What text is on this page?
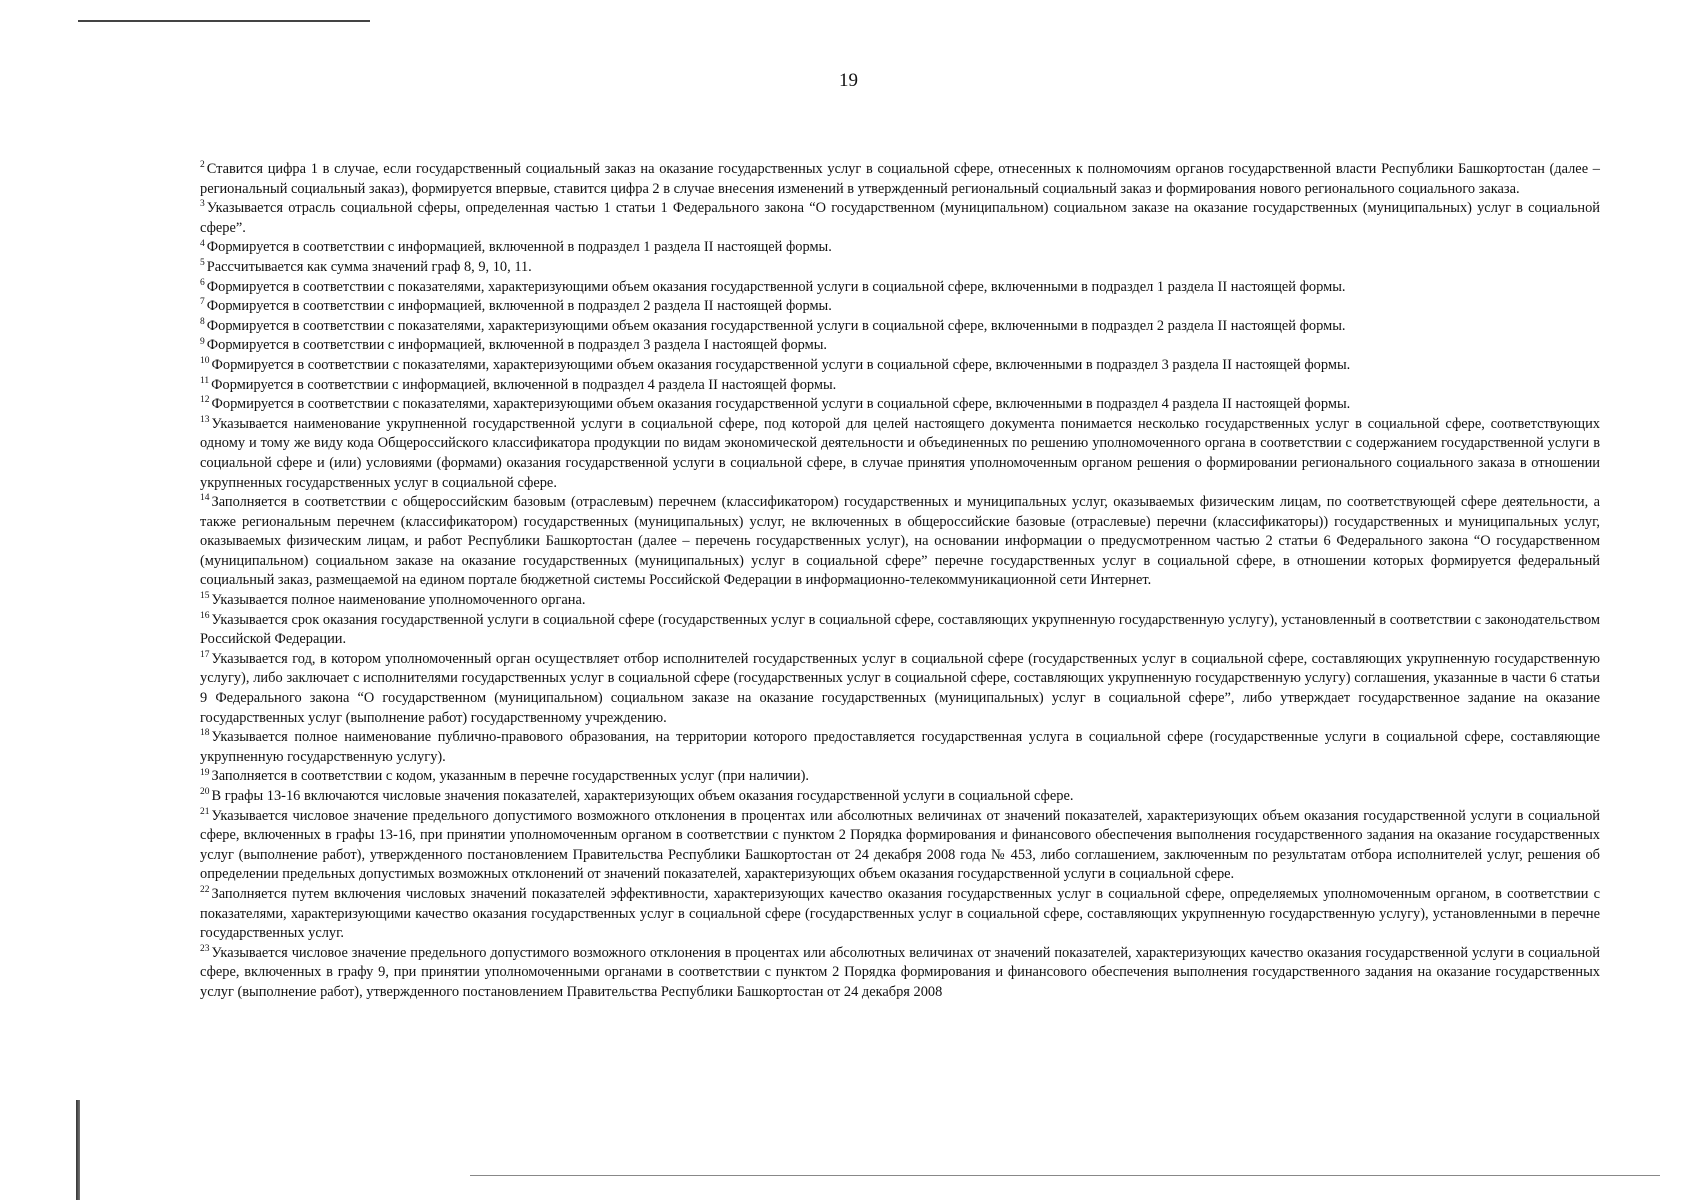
19

$^2$ Ставится цифра 1 в случае, если государственный социальный заказ на оказание государственных услуг в социальной сфере, отнесенных к полномочиям органов государственной власти Республики Башкортостан (далее – региональный социальный заказ), формируется впервые, ставится цифра 2 в случае внесения изменений в утвержденный региональный социальный заказ и формирования нового регионального социального заказа.

$^3$ Указывается отрасль социальной сферы, определенная частью 1 статьи 1 Федерального закона “О государственном (муниципальном) социальном заказе на оказание государственных (муниципальных) услуг в социальной сфере”.

$^4$ Формируется в соответствии с информацией, включенной в подраздел 1 раздела II настоящей формы.

$^5$ Рассчитывается как сумма значений граф 8, 9, 10, 11.

$^6$ Формируется в соответствии с показателями, характеризующими объем оказания государственной услуги в социальной сфере, включенными в подраздел 1 раздела II настоящей формы.

$^7$ Формируется в соответствии с информацией, включенной в подраздел 2 раздела II настоящей формы.

$^8$ Формируется в соответствии с показателями, характеризующими объем оказания государственной услуги в социальной сфере, включенными в подраздел 2 раздела II настоящей формы.

$^9$ Формируется в соответствии с информацией, включенной в подраздел 3 раздела I настоящей формы.

$^{10}$ Формируется в соответствии с показателями, характеризующими объем оказания государственной услуги в социальной сфере, включенными в подраздел 3 раздела II настоящей формы.

$^{11}$ Формируется в соответствии с информацией, включенной в подраздел 4 раздела II настоящей формы.

$^{12}$ Формируется в соответствии с показателями, характеризующими объем оказания государственной услуги в социальной сфере, включенными в подраздел 4 раздела II настоящей формы.

$^{13}$ Указывается наименование укрупненной государственной услуги в социальной сфере, под которой для целей настоящего документа понимается несколько государственных услуг в социальной сфере, соответствующих одному и тому же виду кода Общероссийского классификатора продукции по видам экономической деятельности и объединенных по решению уполномоченного органа в соответствии с содержанием государственной услуги в социальной сфере и (или) условиями (формами) оказания государственной услуги в социальной сфере, в случае принятия уполномоченным органом решения о формировании регионального социального заказа в отношении укрупненных государственных услуг в социальной сфере.

$^{14}$ Заполняется в соответствии с общероссийским базовым (отраслевым) перечнем (классификатором) государственных и муниципальных услуг, оказываемых физическим лицам, по соответствующей сфере деятельности, а также региональным перечнем (классификатором) государственных (муниципальных) услуг, не включенных в общероссийские базовые (отраслевые) перечни (классификаторы)) государственных и муниципальных услуг, оказываемых физическим лицам, и работ Республики Башкортостан (далее – перечень государственных услуг), на основании информации о предусмотренном частью 2 статьи 6 Федерального закона “О государственном (муниципальном) социальном заказе на оказание государственных (муниципальных) услуг в социальной сфере” перечне государственных услуг в социальной сфере, в отношении которых формируется федеральный социальный заказ, размещаемой на едином портале бюджетной системы Российской Федерации в информационно-телекоммуникационной сети Интернет.

$^{15}$ Указывается полное наименование уполномоченного органа.

$^{16}$ Указывается срок оказания государственной услуги в социальной сфере (государственных услуг в социальной сфере, составляющих укрупненную государственную услугу), установленный в соответствии с законодательством Российской Федерации.

$^{17}$ Указывается год, в котором уполномоченный орган осуществляет отбор исполнителей государственных услуг в социальной сфере (государственных услуг в социальной сфере, составляющих укрупненную государственную услугу), либо заключает с исполнителями государственных услуг в социальной сфере (государственных услуг в социальной сфере, составляющих укрупненную государственную услугу) соглашения, указанные в части 6 статьи 9 Федерального закона “О государственном (муниципальном) социальном заказе на оказание государственных (муниципальных) услуг в социальной сфере”, либо утверждает государственное задание на оказание государственных услуг (выполнение работ) государственному учреждению.

$^{18}$ Указывается полное наименование публично-правового образования, на территории которого предоставляется государственная услуга в социальной сфере (государственные услуги в социальной сфере, составляющие укрупненную государственную услугу).

$^{19}$ Заполняется в соответствии с кодом, указанным в перечне государственных услуг (при наличии).

$^{20}$ В графы 13-16 включаются числовые значения показателей, характеризующих объем оказания государственной услуги в социальной сфере.

$^{21}$ Указывается числовое значение предельного допустимого возможного отклонения в процентах или абсолютных величинах от значений показателей, характеризующих объем оказания государственной услуги в социальной сфере, включенных в графы 13-16, при принятии уполномоченным органом в соответствии с пунктом 2 Порядка формирования и финансового обеспечения выполнения государственного задания на оказание государственных услуг (выполнение работ), утвержденного постановлением Правительства Республики Башкортостан от 24 декабря 2008 года № 453, либо соглашением, заключенным по результатам отбора исполнителей услуг, решения об определении предельных допустимых возможных отклонений от значений показателей, характеризующих объем оказания государственной услуги в социальной сфере.

$^{22}$ Заполняется путем включения числовых значений показателей эффективности, характеризующих качество оказания государственных услуг в социальной сфере, определяемых уполномоченным органом, в соответствии с показателями, характеризующими качество оказания государственных услуг в социальной сфере (государственных услуг в социальной сфере, составляющих укрупненную государственную услугу), установленными в перечне государственных услуг.

$^{23}$ Указывается числовое значение предельного допустимого возможного отклонения в процентах или абсолютных величинах от значений показателей, характеризующих качество оказания государственной услуги в социальной сфере, включенных в графу 9, при принятии уполномоченными органами в соответствии с пунктом 2 Порядка формирования и финансового обеспечения выполнения государственного задания на оказание государственных услуг (выполнение работ), утвержденного постановлением Правительства Республики Башкортостан от 24 декабря 2008
